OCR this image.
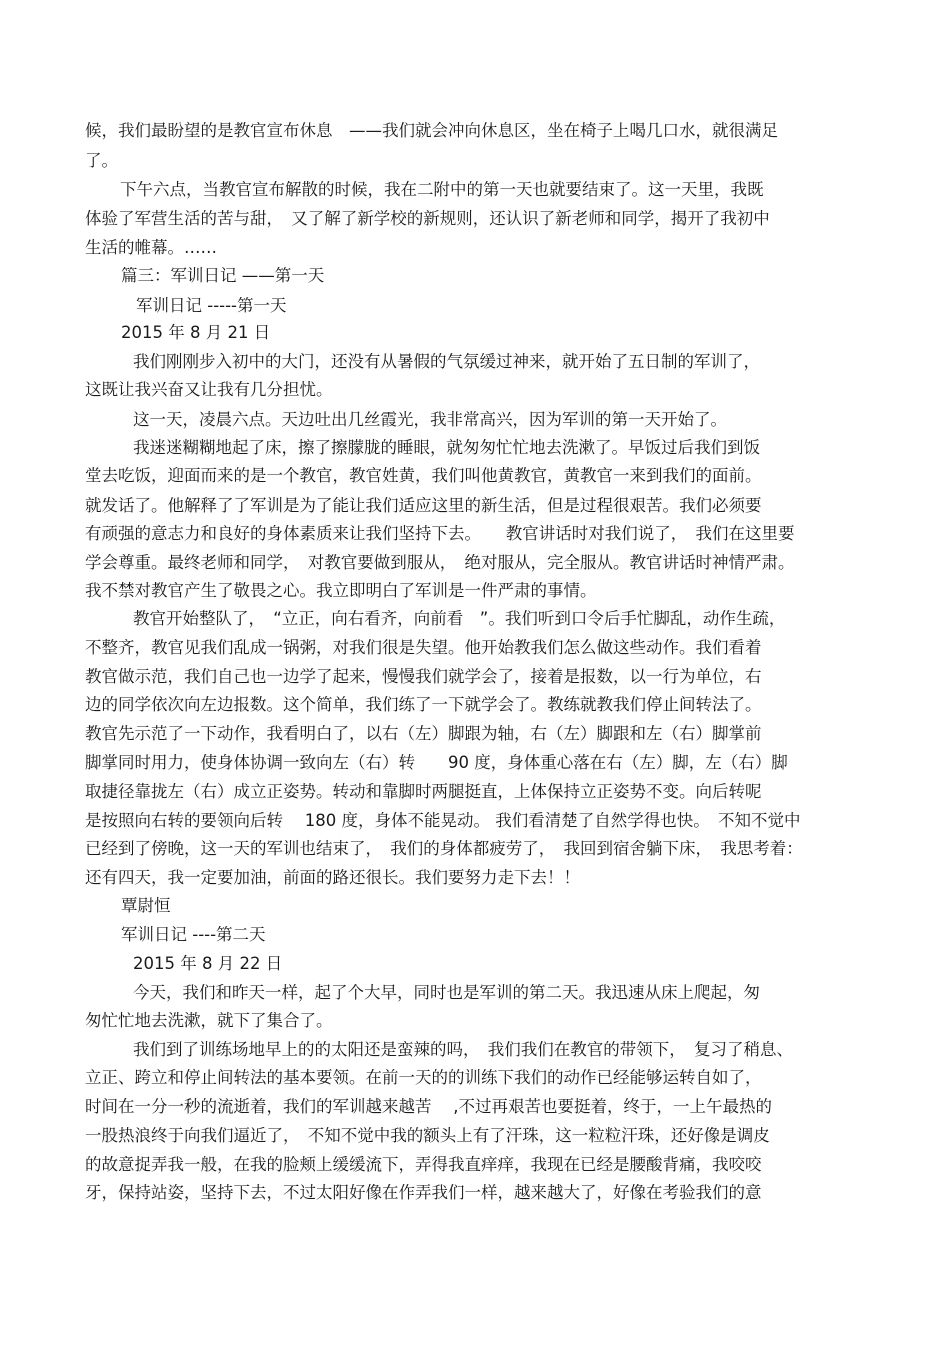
候，我们最盼望的是教官宣布休息　——我们就会冲向休息区，坐在椅子上喝几口水，就很满足
了。
下午六点，当教官宣布解散的时候，我在二附中的第一天也就要结束了。这一天里，我既
体验了军营生活的苦与甜，　又了解了新学校的新规则，还认识了新老师和同学，揭开了我初中
生活的帷幕。……
篇三：军训日记 ——第一天
军训日记 -----第一天
2015 年 8 月 21 日
我们刚刚步入初中的大门，还没有从暑假的气氛缓过神来，就开始了五日制的军训了，
这既让我兴奋又让我有几分担忧。
这一天，凌晨六点。天边吐出几丝霞光，我非常高兴，因为军训的第一天开始了。
我迷迷糊糊地起了床，擦了擦朦胧的睡眼，就匆匆忙忙地去洗漱了。早饭过后我们到饭
堂去吃饭，迎面而来的是一个教官，教官姓黄，我们叫他黄教官，黄教官一来到我们的面前。
就发话了。他解释了了军训是为了能让我们适应这里的新生活，但是过程很艰苦。我们必须要
有顽强的意志力和良好的身体素质来让我们坚持下去。　　教官讲话时对我们说了，　我们在这里要
学会尊重。最终老师和同学，　对教官要做到服从，　绝对服从，完全服从。教官讲话时神情严肃。
我不禁对教官产生了敬畏之心。我立即明白了军训是一件严肃的事情。
教官开始整队了，　“立正，向右看齐，向前看　”。我们听到口令后手忙脚乱，动作生疏，
不整齐，教官见我们乱成一锅粥，对我们很是失望。他开始教我们怎么做这些动作。我们看着
教官做示范，我们自己也一边学了起来，慢慢我们就学会了，接着是报数，以一行为单位，右
边的同学依次向左边报数。这个简单，我们练了一下就学会了。教练就教我们停止间转法了。
教官先示范了一下动作，我看明白了，以右（左）脚跟为轴，右（左）脚跟和左（右）脚掌前
脚掌同时用力，使身体协调一致向左（右）转　　90 度，身体重心落在右（左）脚，左（右）脚
取捷径靠拢左（右）成立正姿势。转动和靠脚时两腿挺直，上体保持立正姿势不变。向后转呢
是按照向右转的要领向后转　 180 度，身体不能晃动。 我们看清楚了自然学得也快。　不知不觉中
已经到了傍晚，这一天的军训也结束了，　我们的身体都疲劳了，　我回到宿舍躺下床，　我思考着：
还有四天，我一定要加油，前面的路还很长。我们要努力走下去！！
覃尉恒
军训日记 ----第二天
2015 年 8 月 22 日
今天，我们和昨天一样，起了个大早，同时也是军训的第二天。我迅速从床上爬起，匆
匆忙忙地去洗漱，就下了集合了。
我们到了训练场地早上的的太阳还是蛮辣的吗，　我们我们在教官的带领下，　复习了稍息、
立正、跨立和停止间转法的基本要领。在前一天的的训练下我们的动作已经能够运转自如了，
时间在一分一秒的流逝着，我们的军训越来越苦　 ,不过再艰苦也要挺着，终于，一上午最热的
一股热浪终于向我们逼近了，　不知不觉中我的额头上有了汗珠，这一粒粒汗珠，还好像是调皮
的故意捉弄我一般，在我的脸颊上缓缓流下，弄得我直痒痒，我现在已经是腰酸背痛，我咬咬
牙，保持站姿，坚持下去，不过太阳好像在作弄我们一样，越来越大了，好像在考验我们的意
